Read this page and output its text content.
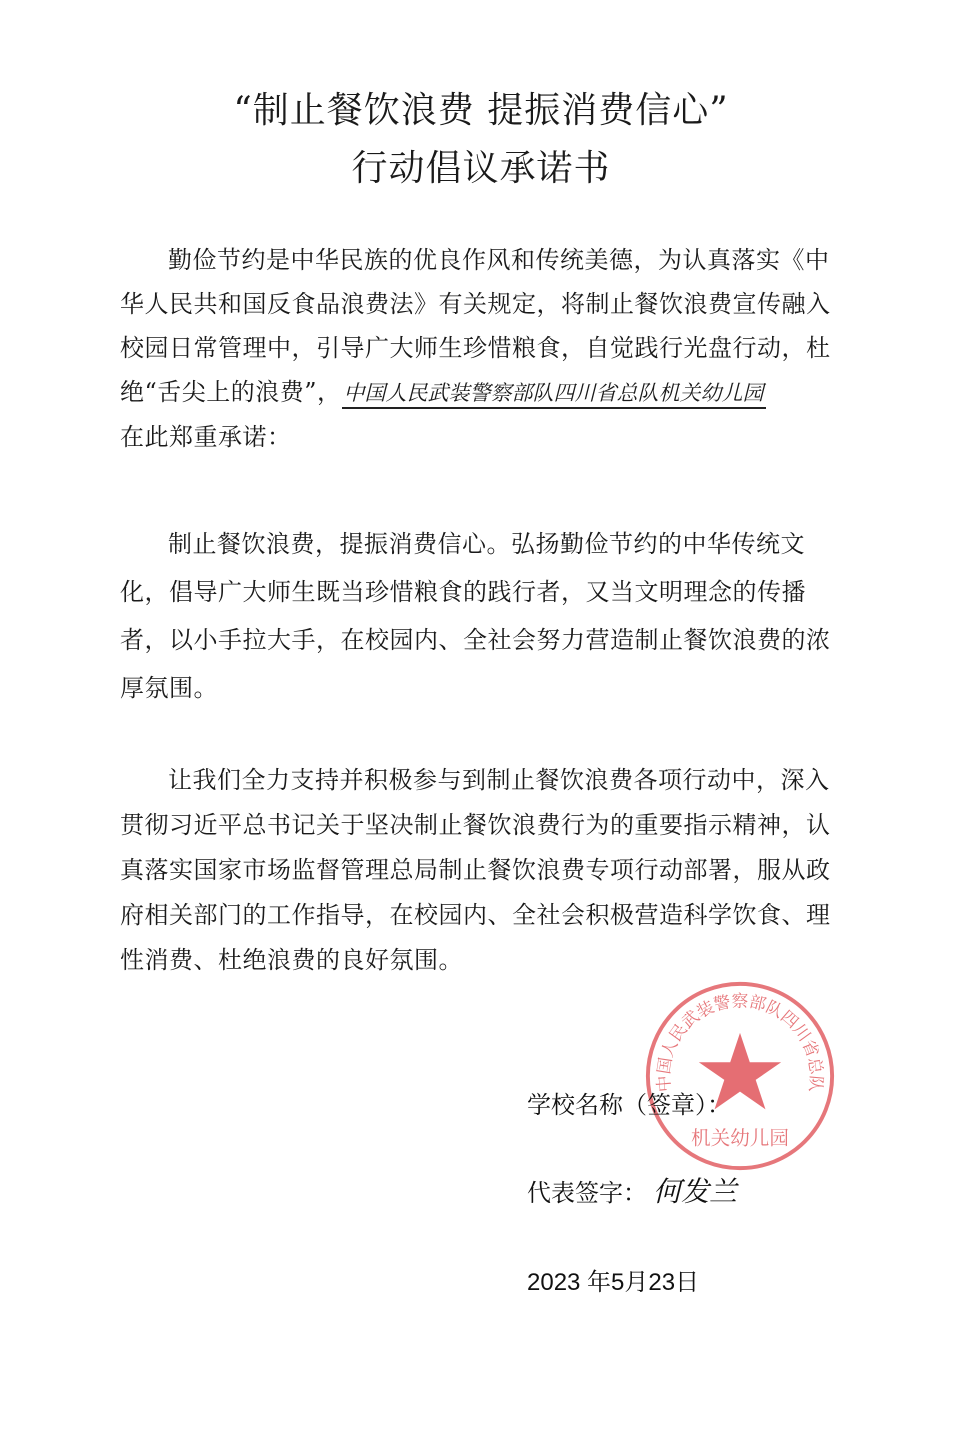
“制止餐饮浪费 提振消费信心”
行动倡议承诺书
勤俭节约是中华民族的优良作风和传统美德，为认真落实《中华人民共和国反食品浪费法》有关规定，将制止餐饮浪费宣传融入校园日常管理中，引导广大师生珍惜粮食，自觉践行光盘行动，杜绝“舌尖上的浪费”，中国人民武装警察部队四川省总队机关幼儿园
在此郑重承诺：
制止餐饮浪费，提振消费信心。弘扬勤俭节约的中华传统文化，倡导广大师生既当珍惜粮食的践行者，又当文明理念的传播者，以小手拉大手，在校园内、全社会努力营造制止餐饮浪费的浓厚氛围。
让我们全力支持并积极参与到制止餐饮浪费各项行动中，深入贯彻习近平总书记关于坚决制止餐饮浪费行为的重要指示精神，认真落实国家市场监督管理总局制止餐饮浪费专项行动部署，服从政府相关部门的工作指导，在校园内、全社会积极营造科学饮食、理性消费、杜绝浪费的良好氛围。
中国人民武装警察部队四川省总队
机关幼儿园
学校名称（签章）：
代表签字： 何发兰
2023 年5月23日
